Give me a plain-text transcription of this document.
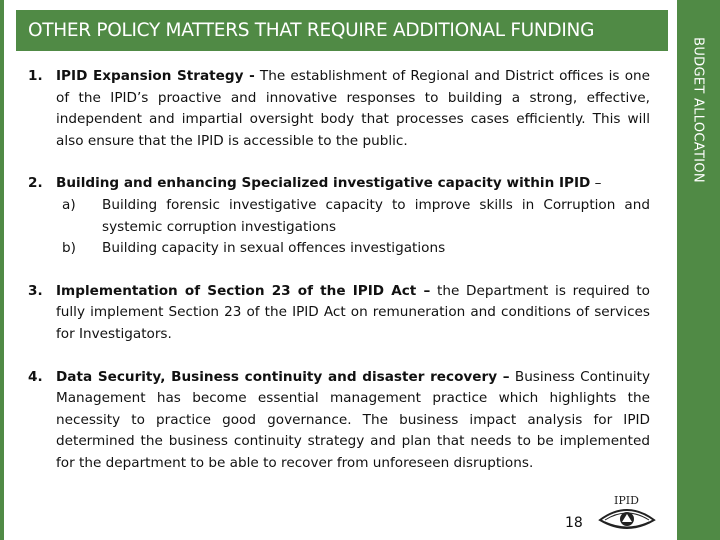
BUDGET ALLOCATION
OTHER POLICY MATTERS THAT REQUIRE ADDITIONAL FUNDING
1. IPID Expansion Strategy - The establishment of Regional and District offices is one of the IPID’s proactive and innovative responses to building a strong, effective, independent and impartial oversight body that processes cases efficiently. This will also ensure that the IPID is accessible to the public.
2. Building and enhancing Specialized investigative capacity within IPID –
a)	Building forensic investigative capacity to improve skills in Corruption and systemic corruption investigations
b)	Building capacity in sexual offences investigations
3. Implementation of Section 23 of the IPID Act – the Department is required to fully implement Section 23 of the IPID Act on remuneration and conditions of services for Investigators.
4. Data Security, Business continuity and disaster recovery – Business Continuity Management has become essential management practice which highlights the necessity to practice good governance. The business impact analysis for IPID determined the business continuity strategy and plan that needs to be implemented for the department to be able to recover from unforeseen disruptions.
18
IPID
